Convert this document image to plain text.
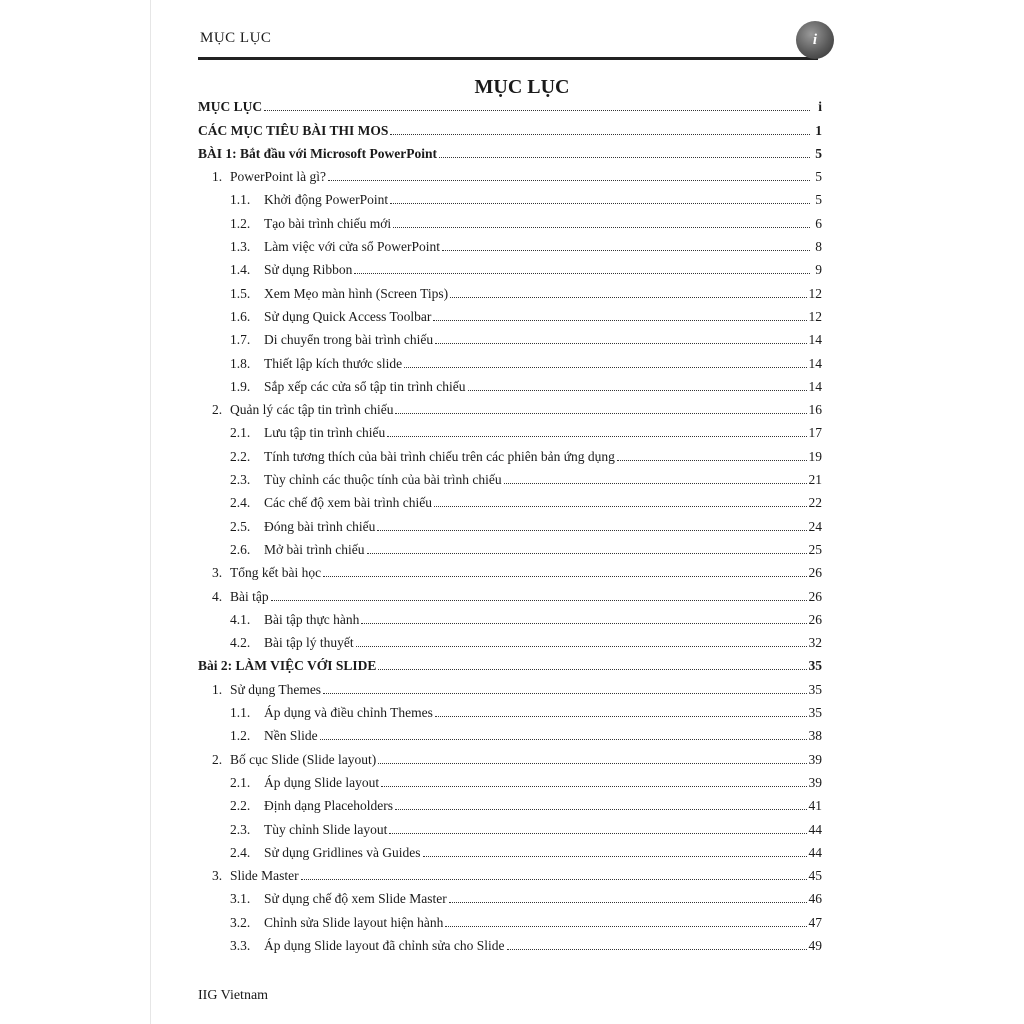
MỤC LỤC	i
MỤC LỤC
MỤC LỤC	i
CÁC MỤC TIÊU BÀI THI MOS	1
BÀI 1: Bắt đầu với Microsoft PowerPoint	5
1. PowerPoint là gì?	5
1.1.	Khởi động PowerPoint	5
1.2.	Tạo bài trình chiếu mới	6
1.3.	Làm việc với cửa sổ PowerPoint	8
1.4.	Sử dụng Ribbon	9
1.5.	Xem Mẹo màn hình (Screen Tips)	12
1.6.	Sử dụng Quick Access Toolbar	12
1.7.	Di chuyển trong bài trình chiếu	14
1.8.	Thiết lập kích thước slide	14
1.9.	Sắp xếp các cửa sổ tập tin trình chiếu	14
2. Quản lý các tập tin trình chiếu	16
2.1.	Lưu tập tin trình chiếu	17
2.2.	Tính tương thích của bài trình chiếu trên các phiên bản ứng dụng	19
2.3.	Tùy chỉnh các thuộc tính của bài trình chiếu	21
2.4.	Các chế độ xem bài trình chiếu	22
2.5.	Đóng bài trình chiếu	24
2.6.	Mở bài trình chiếu	25
3. Tổng kết bài học	26
4. Bài tập	26
4.1.	Bài tập thực hành	26
4.2.	Bài tập lý thuyết	32
Bài 2: LÀM VIỆC VỚI SLIDE	35
1. Sử dụng Themes	35
1.1.	Áp dụng và điều chỉnh Themes	35
1.2.	Nền Slide	38
2. Bố cục Slide (Slide layout)	39
2.1.	Áp dụng Slide layout	39
2.2.	Định dạng Placeholders	41
2.3.	Tùy chỉnh Slide layout	44
2.4.	Sử dụng Gridlines và Guides	44
3. Slide Master	45
3.1.	Sử dụng chế độ xem Slide Master	46
3.2.	Chỉnh sửa Slide layout hiện hành	47
3.3.	Áp dụng Slide layout đã chỉnh sửa cho Slide	49
IIG Vietnam
